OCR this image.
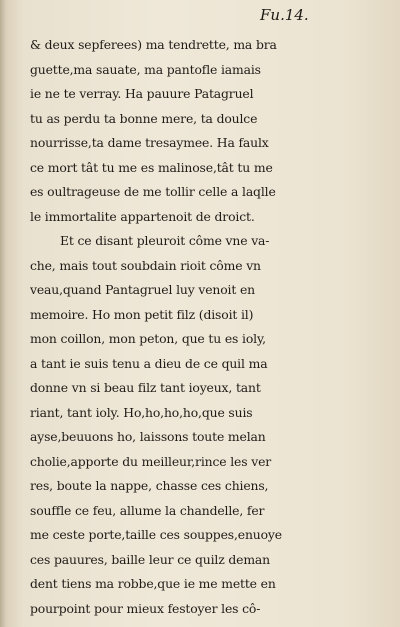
Fu.14.
& deux sepferees) ma tendrette, ma bra
guette,ma sauate, ma pantofle iamais
ie ne te verray. Ha pauure Patagruel
tu as perdu ta bonne mere, ta doulce
nourrisse,ta dame tresaymee. Ha faulx
ce mort tât tu me es malinose,tât tu me
es oultrageuse de me tollir celle a laqlle
le immortalite appartenoit de droict.
Et ce disant pleuroit côme vne va-
che, mais tout soubdain rioit côme vn
veau,quand Pantagruel luy venoit en
memoire. Ho mon petit filz (disoit il)
mon coillon, mon peton, que tu es ioly,
a tant ie suis tenu a dieu de ce quil ma
donne vn si beau filz tant ioyeux, tant
riant, tant ioly. Ho,ho,ho,ho,que suis
ayse,beuuons ho, laissons toute melan
cholie,apporte du meilleur,rince les ver
res, boute la nappe, chasse ces chiens,
souffle ce feu, allume la chandelle, fer
me ceste porte,taille ces souppes,enuoye
ces pauures, baille leur ce quilz deman
dent tiens ma robbe,que ie me mette en
pourpoint pour mieux festoyer les cô-
